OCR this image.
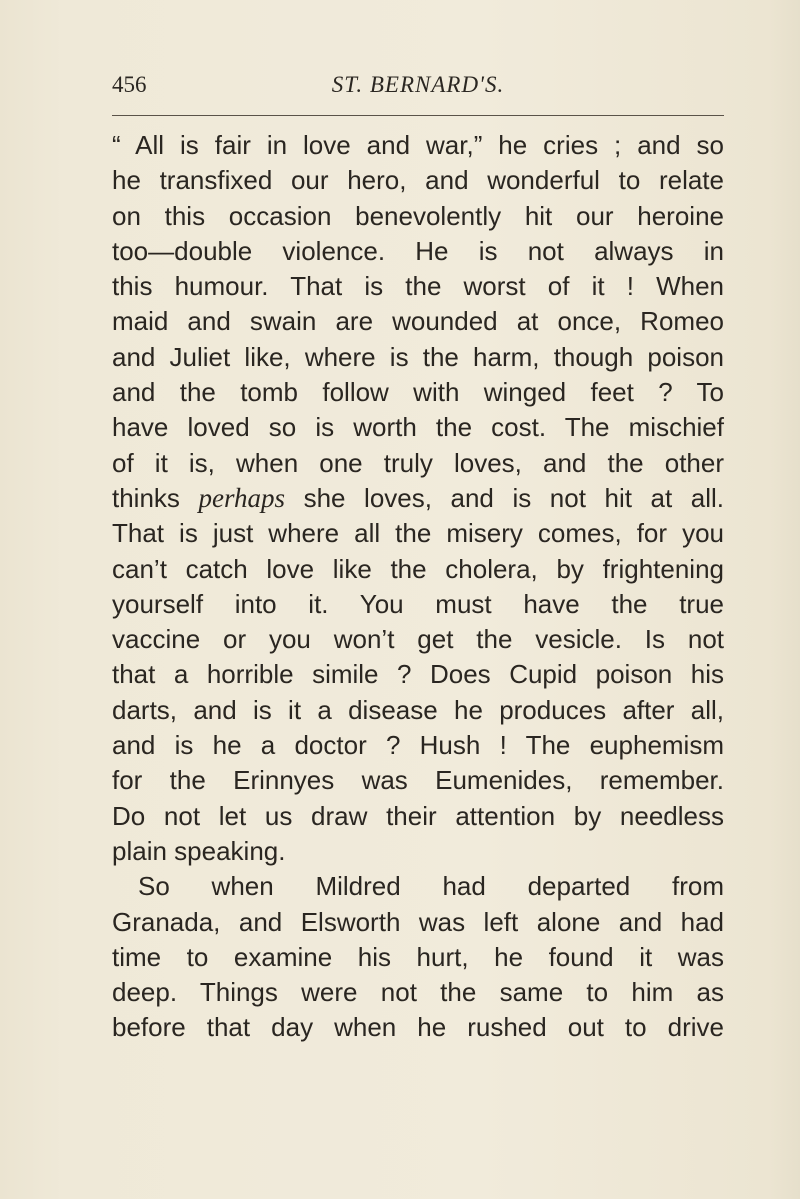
456	ST. BERNARD'S.
“ All is fair in love and war,” he cries ; and so
he transfixed our hero, and wonderful to relate
on this occasion benevolently hit our heroine
too—double violence. He is not always in
this humour. That is the worst of it ! When
maid and swain are wounded at once, Romeo
and Juliet like, where is the harm, though poison
and the tomb follow with winged feet ? To
have loved so is worth the cost. The mischief
of it is, when one truly loves, and the other
thinks perhaps she loves, and is not hit at all.
That is just where all the misery comes, for you
can’t catch love like the cholera, by frightening
yourself into it. You must have the true
vaccine or you won’t get the vesicle. Is not
that a horrible simile ? Does Cupid poison his
darts, and is it a disease he produces after all,
and is he a doctor ? Hush ! The euphemism
for the Erinnyes was Eumenides, remember.
Do not let us draw their attention by needless
plain speaking.
So when Mildred had departed from
Granada, and Elsworth was left alone and had
time to examine his hurt, he found it was
deep. Things were not the same to him as
before that day when he rushed out to drive
